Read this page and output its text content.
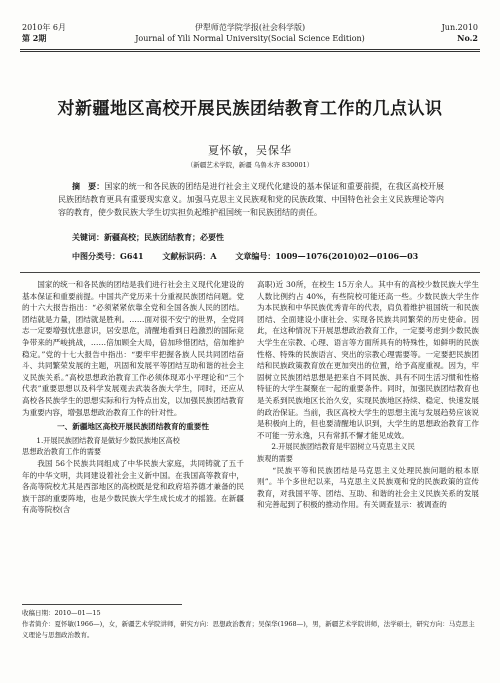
2010年 6月
第 2期
伊犁师范学院学报(社会科学版)
Journal of Yili Normal University(Social Science Edition)
Jun.2010
No.2
对新疆地区高校开展民族团结教育工作的几点认识
夏怀敏，吴保华
（新疆艺术学院，新疆 乌鲁木齐 830001）
摘　要：国家的统一和各民族的团结是进行社会主义现代化建设的基本保证和重要前提，在我区高校开展民族团结教育更具有重要现实意义。加强马克思主义民族观和党的民族政策、中国特色社会主义民族理论等内容的教育，使少数民族大学生切实担负起维护祖国统一和民族团结的责任。
关键词：新疆高校；民族团结教育；必要性
中图分类号：G641 文献标识码：A 文章编号：1009—1076(2010)02—0106—03

国家的统一和各民族的团结是我们进行社会主义现代化建设的基本保证和重要前提。中国共产党历来十分重视民族团结问题。党的十六大报告指出：“必须紧紧依靠全党和全国各族人民的团结。团结就是力量，团结就是胜利。……面对很不安宁的世界，全党同志一定要增强忧患意识，居安思危，清醒地看到日趋激烈的国际竞争带来的严峻挑战，……倍加顾全大局，倍加珍惜团结，倍加维护稳定。”党的十七大报告中指出：“要牢牢把握各族人民共同团结奋斗、共同繁荣发展的主题，巩固和发展平等团结互助和谐的社会主义民族关系。”高校思想政治教育工作必须体现邓小平理论和“三个代表”重要思想以及科学发展观去武装各族大学生，同时，还应从高校各民族学生的思想实际和行为特点出发，以加强民族团结教育为重要内容，增强思想政治教育工作的针对性。

一、新疆地区高校开展民族团结教育的重要性

1.开展民族团结教育是做好少数民族地区高校

思想政治教育工作的需要

我国 56个民族共同组成了中华民族大家庭，共同铸就了五千年的中华文明，共同建设着社会主义新中国。在我国高等教育中，各高等院校尤其是西部地区的高校既是党和政府培养德才兼备的民族干部的重要阵地，也是少数民族大学生成长成才的摇篮。在新疆有高等院校(含

高职)近 30所，在校生 15万余人。其中有的高校少数民族大学生人数比例约占 40%，有些院校可能还高一些。少数民族大学生作为本民族和中华民族优秀青年的代表，肩负着维护祖国统一和民族团结、全面建设小康社会、实现各民族共同繁荣的历史使命。因此，在这种情况下开展思想政治教育工作，一定要考虑到少数民族大学生在宗教、心理、语言等方面所具有的特殊性，如鲜明的民族性格、特殊的民族语言、突出的宗教心理需要等。一定要把民族团结和民族政策教育放在更加突出的位置，给予高度重视。因为，牢固树立民族团结思想是把来自不同民族、具有不同生活习惯和性格特征的大学生凝聚在一起的重要条件。同时，加强民族团结教育也是关系到民族地区长治久安，实现民族地区持续、稳定、快速发展的政治保证。当前，我区高校大学生的思想主流与发展趋势应该说是积极向上的，但也要清醒地认识到，大学生的思想政治教育工作不可能一劳永逸，只有常抓不懈才能见成效。

2.开展民族团结教育是牢固树立马克思主义民

族观的需要

“民族平等和民族团结是马克思主义处理民族问题的根本原则”。半个多世纪以来，马克思主义民族观和党的民族政策的宣传教育，对我国平等、团结、互助、和谐的社会主义民族关系的发展和完善起到了积极的推动作用。有关调查显示：被调查的

收稿日期：2010—01—15
作者简介：夏怀敏(1966—)，女，新疆艺术学院讲师，研究方向：思想政治教育；吴保华(1968—)，男，新疆艺术学院讲师，法学硕士，研究方向：马克思主义理论与思想政治教育。
